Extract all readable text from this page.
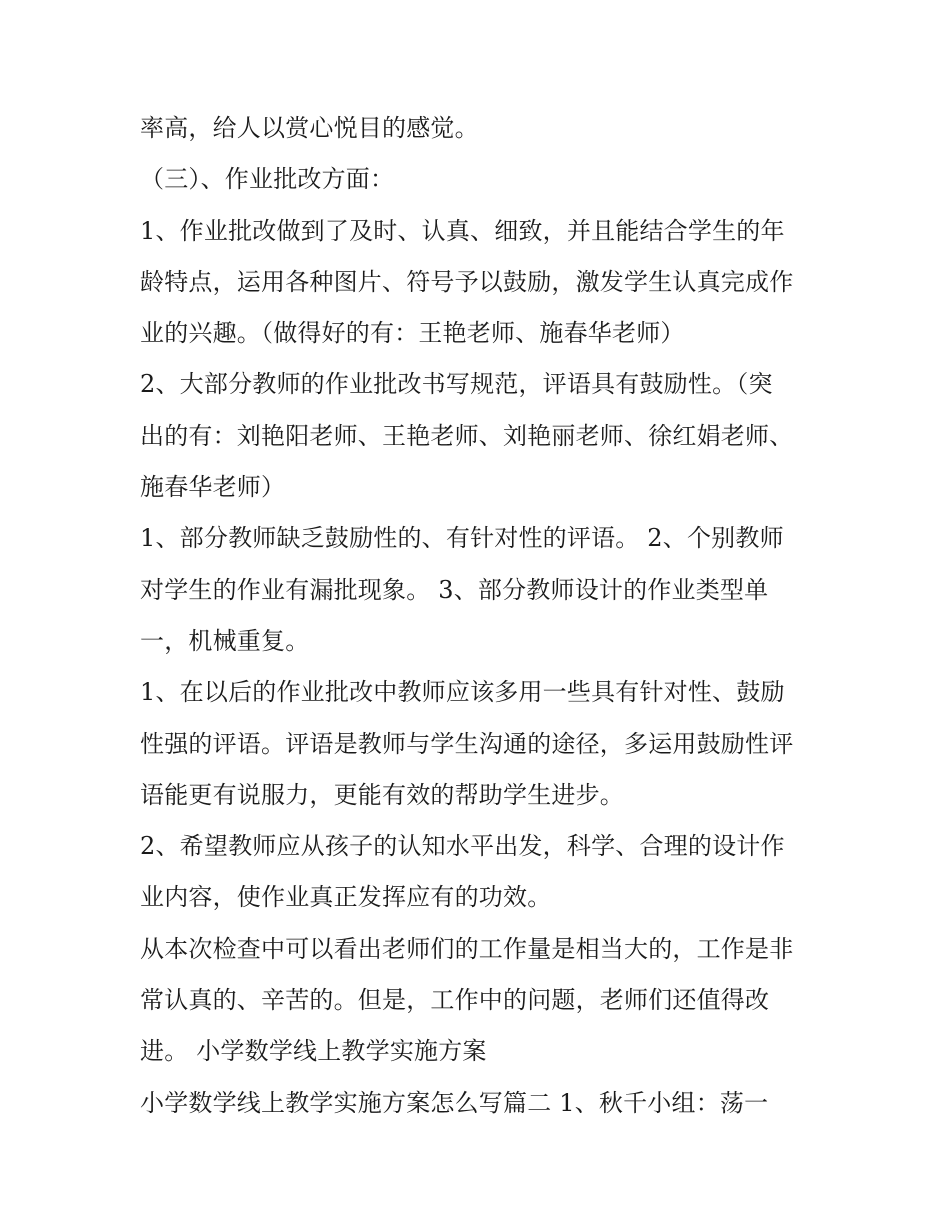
率高，给人以赏心悦目的感觉。
（三）、作业批改方面：
1、作业批改做到了及时、认真、细致，并且能结合学生的年
龄特点，运用各种图片、符号予以鼓励，激发学生认真完成作
业的兴趣。（做得好的有：王艳老师、施春华老师）
2、大部分教师的作业批改书写规范，评语具有鼓励性。（突
出的有：刘艳阳老师、王艳老师、刘艳丽老师、徐红娟老师、
施春华老师）
1、部分教师缺乏鼓励性的、有针对性的评语。 2、个别教师
对学生的作业有漏批现象。 3、部分教师设计的作业类型单
一，机械重复。
1、在以后的作业批改中教师应该多用一些具有针对性、鼓励
性强的评语。评语是教师与学生沟通的途径，多运用鼓励性评
语能更有说服力，更能有效的帮助学生进步。
2、希望教师应从孩子的认知水平出发，科学、合理的设计作
业内容，使作业真正发挥应有的功效。
从本次检查中可以看出老师们的工作量是相当大的，工作是非
常认真的、辛苦的。但是，工作中的问题，老师们还值得改
进。 小学数学线上教学实施方案
小学数学线上教学实施方案怎么写篇二 1、秋千小组：荡一
